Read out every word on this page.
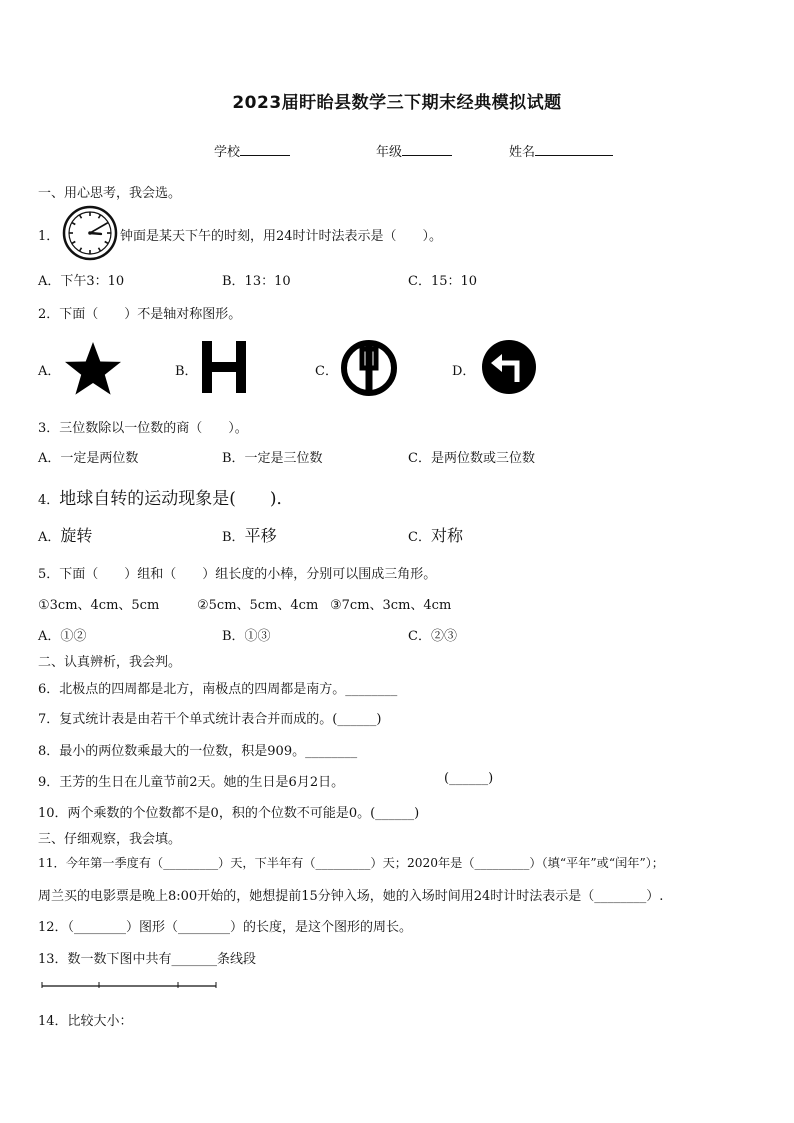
2023届盱眙县数学三下期末经典模拟试题
学校	年级	姓名
一、用心思考，我会选。
1．	钟面是某天下午的时刻，用24时计时法表示是（　　）。
A．下午3：10	B．13：10	C．15：10
2．下面（　　）不是轴对称图形。
A．	B．	C．	D．
3．三位数除以一位数的商（　　）。
A．一定是两位数	B．一定是三位数	C．是两位数或三位数
4．地球自转的运动现象是(　　)．
A．旋转	B．平移	C．对称
5．下面（　　）组和（　　）组长度的小棒，分别可以围成三角形。
①3cm、4cm、5cm	②5cm、5cm、4cm ③7cm、3cm、4cm
A．①②	B．①③	C．②③
二、认真辨析，我会判。
6．北极点的四周都是北方，南极点的四周都是南方。________
7．复式统计表是由若干个单式统计表合并而成的。(______)
8．最小的两位数乘最大的一位数，积是909。________
9．王芳的生日在儿童节前2天。她的生日是6月2日。	(______)
10．两个乘数的个位数都不是0，积的个位数不可能是0。(______)
三、仔细观察，我会填。
11．今年第一季度有（_________）天，下半年有（_________）天；2020年是（_________）（填“平年”或“闰年”）；
周兰买的电影票是晚上8:00开始的，她想提前15分钟入场，她的入场时间用24时计时法表示是（________）.
12．（________）图形（________）的长度，是这个图形的周长。
13．数一数下图中共有_______条线段
14．比较大小：
